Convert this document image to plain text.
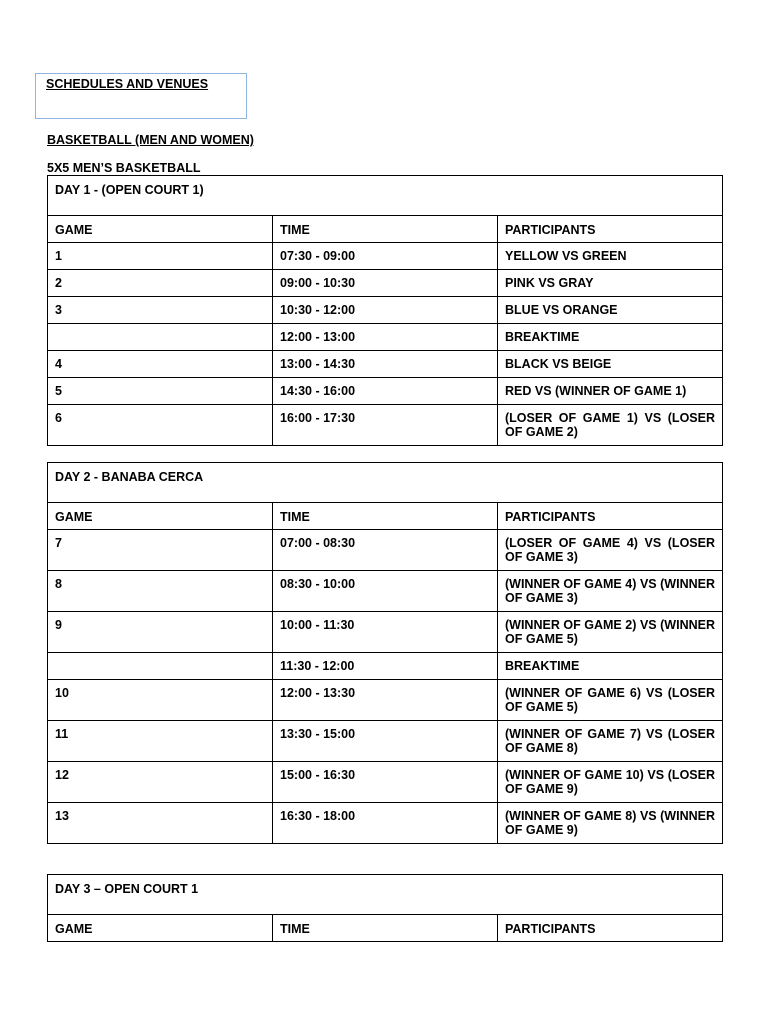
SCHEDULES AND VENUES
BASKETBALL (MEN AND WOMEN)
5X5 MEN’S BASKETBALL
DAY 1 - (OPEN COURT 1)		
GAME	TIME	PARTICIPANTS
1	07:30 - 09:00	YELLOW VS GREEN
2	09:00 - 10:30	PINK VS GRAY
3	10:30 - 12:00	BLUE VS ORANGE
	12:00 - 13:00	BREAKTIME
4	13:00 - 14:30	BLACK VS BEIGE
5	14:30 - 16:00	RED VS (WINNER OF GAME 1)
6	16:00 - 17:30	(LOSER OF GAME 1) VS (LOSER OF GAME 2)
DAY 2 - BANABA CERCA		
GAME	TIME	PARTICIPANTS
7	07:00 - 08:30	(LOSER OF GAME 4) VS (LOSER OF GAME 3)
8	08:30 - 10:00	(WINNER OF GAME 4) VS (WINNER OF GAME 3)
9	10:00 - 11:30	(WINNER OF GAME 2) VS (WINNER OF GAME 5)
	11:30 - 12:00	BREAKTIME
10	12:00 - 13:30	(WINNER OF GAME 6) VS (LOSER OF GAME 5)
11	13:30 - 15:00	(WINNER OF GAME 7) VS (LOSER OF GAME 8)
12	15:00 - 16:30	(WINNER OF GAME 10) VS (LOSER OF GAME 9)
13	16:30 - 18:00	(WINNER OF GAME 8) VS (WINNER OF GAME 9)
DAY 3 – OPEN COURT 1
GAME	TIME	PARTICIPANTS
